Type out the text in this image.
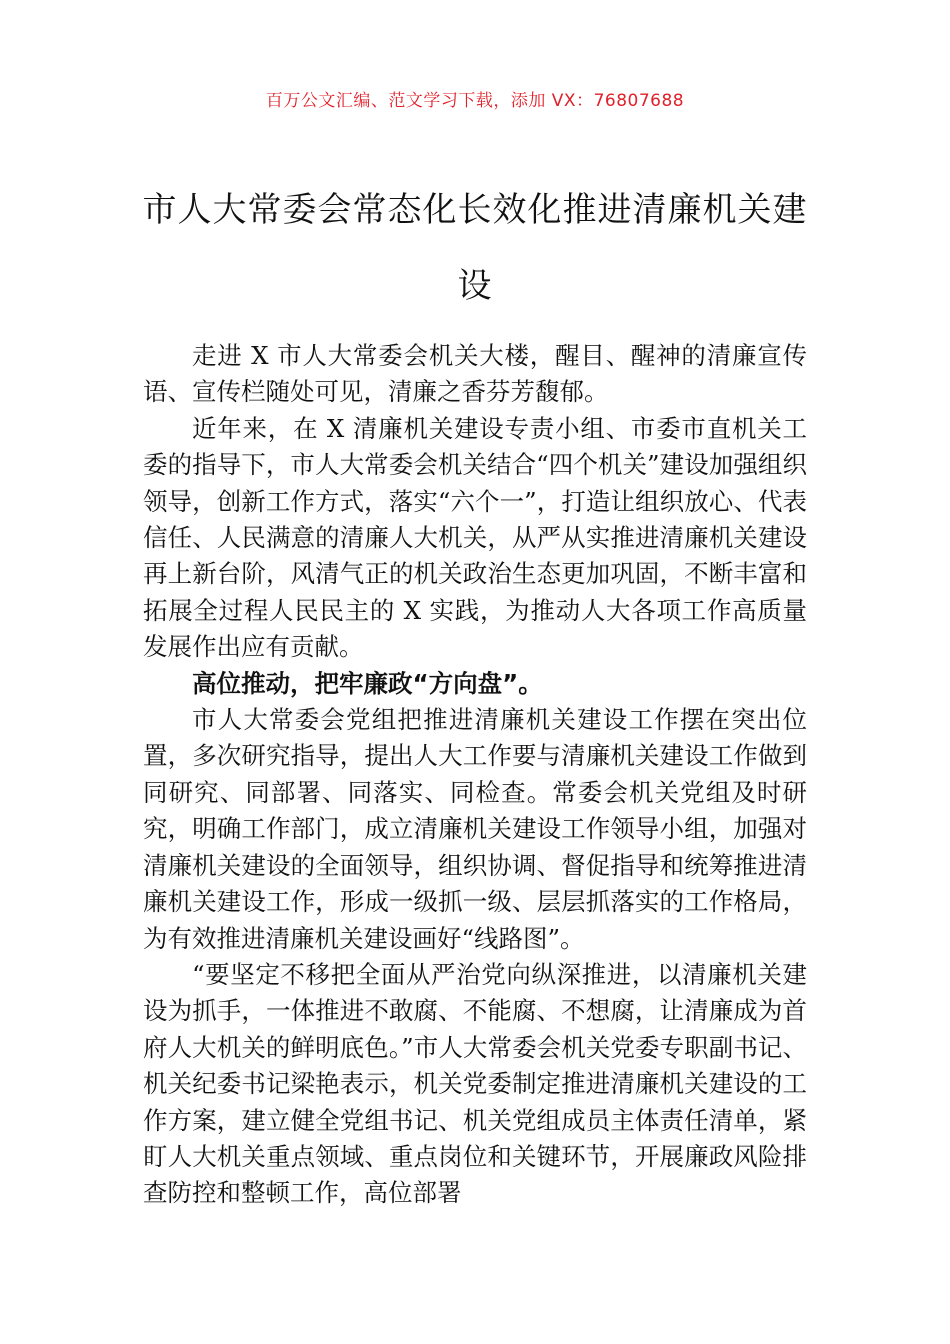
百万公文汇编、范文学习下载，添加 VX：76807688
市人大常委会常态化长效化推进清廉机关建设

走进 X 市人大常委会机关大楼，醒目、醒神的清廉宣传语、宣传栏随处可见，清廉之香芬芳馥郁。

近年来，在 X 清廉机关建设专责小组、市委市直机关工委的指导下，市人大常委会机关结合“四个机关”建设加强组织领导，创新工作方式，落实“六个一”，打造让组织放心、代表信任、人民满意的清廉人大机关，从严从实推进清廉机关建设再上新台阶，风清气正的机关政治生态更加巩固，不断丰富和拓展全过程人民民主的 X 实践，为推动人大各项工作高质量发展作出应有贡献。

高位推动，把牢廉政“方向盘”。

市人大常委会党组把推进清廉机关建设工作摆在突出位置，多次研究指导，提出人大工作要与清廉机关建设工作做到同研究、同部署、同落实、同检查。常委会机关党组及时研究，明确工作部门，成立清廉机关建设工作领导小组，加强对清廉机关建设的全面领导，组织协调、督促指导和统筹推进清廉机关建设工作，形成一级抓一级、层层抓落实的工作格局，为有效推进清廉机关建设画好“线路图”。

“要坚定不移把全面从严治党向纵深推进，以清廉机关建设为抓手，一体推进不敢腐、不能腐、不想腐，让清廉成为首府人大机关的鲜明底色。”市人大常委会机关党委专职副书记、机关纪委书记梁艳表示，机关党委制定推进清廉机关建设的工作方案，建立健全党组书记、机关党组成员主体责任清单，紧盯人大机关重点领域、重点岗位和关键环节，开展廉政风险排查防控和整顿工作，高位部署
